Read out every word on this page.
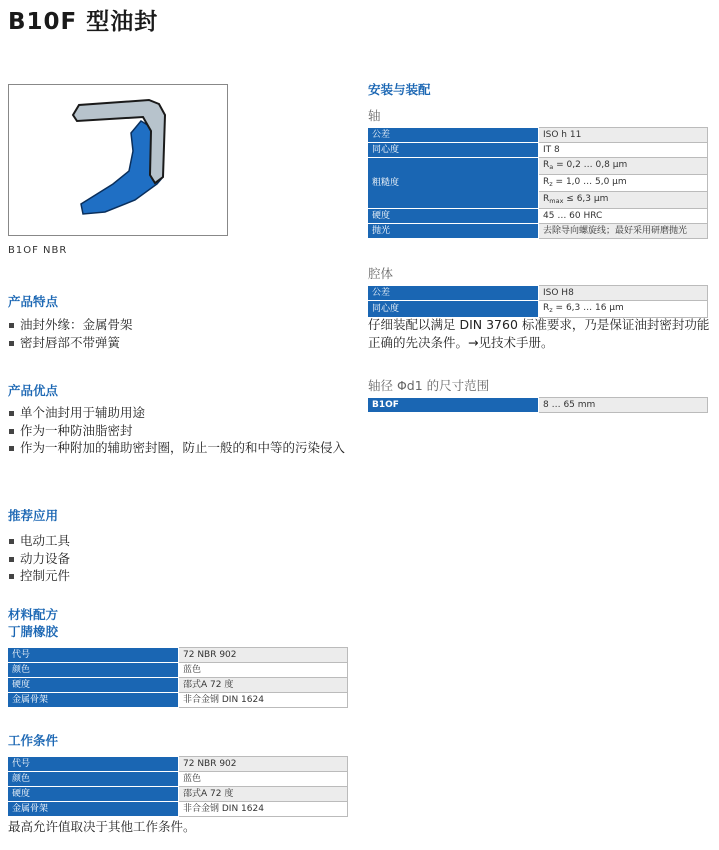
B10F 型油封
B1OF NBR
产品特点
油封外缘：金属骨架
密封唇部不带弹簧
产品优点
单个油封用于辅助用途
作为一种防油脂密封
作为一种附加的辅助密封圈，防止一般的和中等的污染侵入
推荐应用
电动工具
动力设备
控制元件
材料配方
丁腈橡胶
代号	72 NBR 902
颜色	蓝色
硬度	邵式A 72 度
金属骨架	非合金钢 DIN 1624
工作条件
代号	72 NBR 902
颜色	蓝色
硬度	邵式A 72 度
金属骨架	非合金钢 DIN 1624
最高允许值取决于其他工作条件。
安装与装配
轴
公差	ISO h 11
同心度	IT 8
粗糙度	$R_a = 0,2$ … 0,8 µm
	$R_z = 1,0$ … 5,0 µm
	$R_{max} \le 6,3$ µm
硬度	45 … 60 HRC
抛光	去除导向螺旋线；最好采用研磨抛光
腔体
公差	ISO H8
同心度	$R_z = 6,3$ … 16 µm
仔细装配以满足 DIN 3760 标准要求，乃是保证油封密封功能正确的先决条件。→见技术手册。
轴径 Φd1 的尺寸范围
B1OF	8 … 65 mm
